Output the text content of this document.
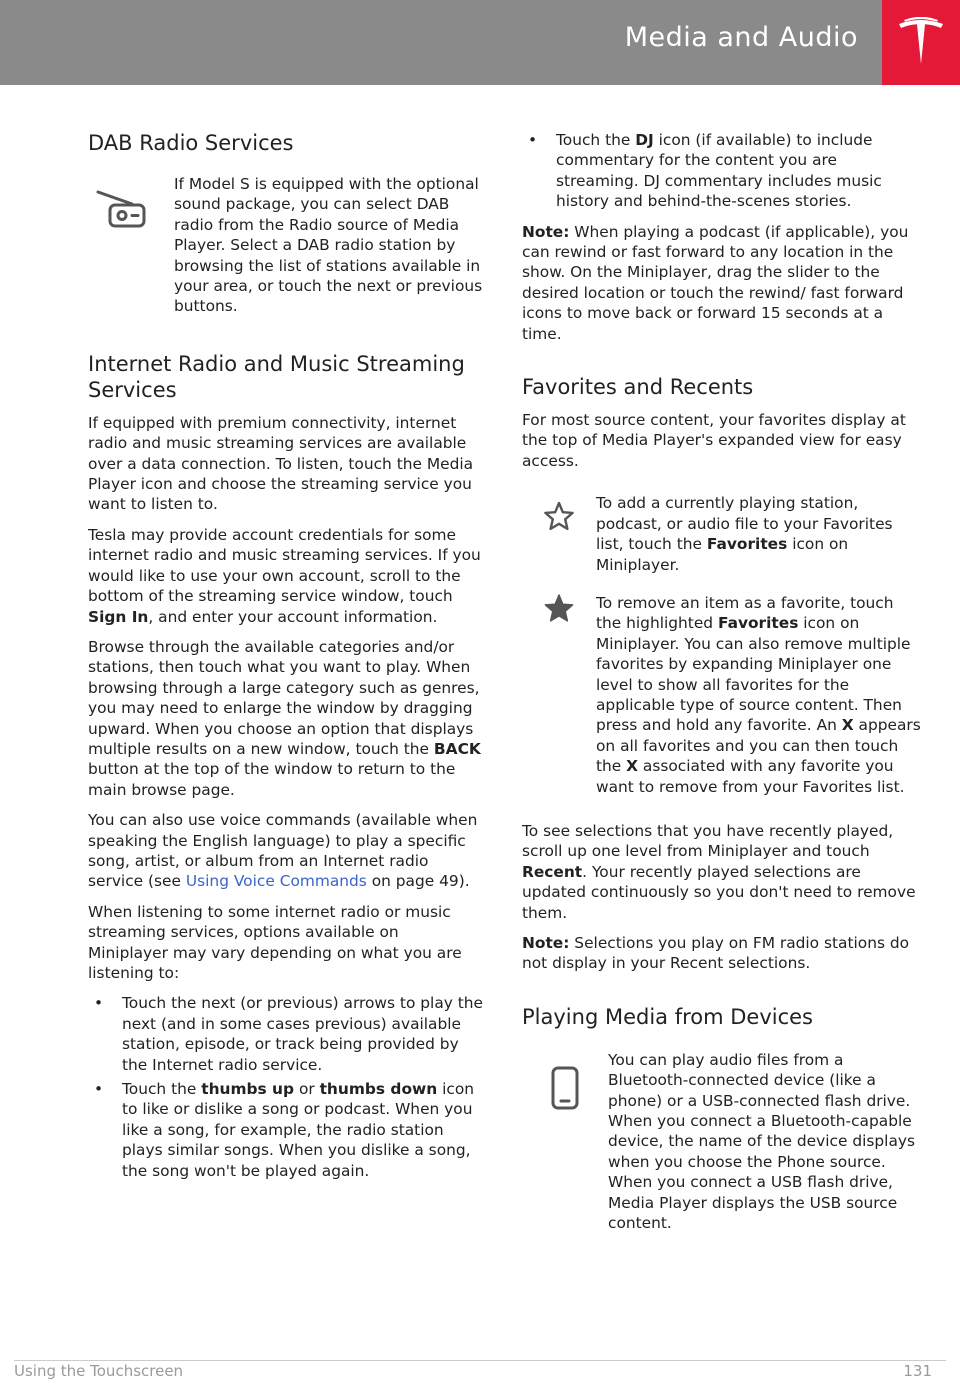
Media and Audio
DAB Radio Services
If Model S is equipped with the optional sound package, you can select DAB radio from the Radio source of Media Player. Select a DAB radio station by browsing the list of stations available in your area, or touch the next or previous buttons.
Internet Radio and Music Streaming Services

If equipped with premium connectivity, internet radio and music streaming services are available over a data connection. To listen, touch the Media Player icon and choose the streaming service you want to listen to.

Tesla may provide account credentials for some internet radio and music streaming services. If you would like to use your own account, scroll to the bottom of the streaming service window, touch Sign In, and enter your account information.

Browse through the available categories and/or stations, then touch what you want to play. When browsing through a large category such as genres, you may need to enlarge the window by dragging upward. When you choose an option that displays multiple results on a new window, touch the BACK button at the top of the window to return to the main browse page.

You can also use voice commands (available when speaking the English language) to play a specific song, artist, or album from an Internet radio service (see Using Voice Commands on page 49).

When listening to some internet radio or music streaming services, options available on Miniplayer may vary depending on what you are listening to:

• Touch the next (or previous) arrows to play the next (and in some cases previous) available station, episode, or track being provided by the Internet radio service.
• Touch the thumbs up or thumbs down icon to like or dislike a song or podcast. When you like a song, for example, the radio station plays similar songs. When you dislike a song, the song won't be played again.
• Touch the DJ icon (if available) to include commentary for the content you are streaming. DJ commentary includes music history and behind-the-scenes stories.

Note: When playing a podcast (if applicable), you can rewind or fast forward to any location in the show. On the Miniplayer, drag the slider to the desired location or touch the rewind/ fast forward icons to move back or forward 15 seconds at a time.

Favorites and Recents

For most source content, your favorites display at the top of Media Player's expanded view for easy access.

To add a currently playing station, podcast, or audio file to your Favorites list, touch the Favorites icon on Miniplayer.
To remove an item as a favorite, touch the highlighted Favorites icon on Miniplayer. You can also remove multiple favorites by expanding Miniplayer one level to show all favorites for the applicable type of source content. Then press and hold any favorite. An X appears on all favorites and you can then touch the X associated with any favorite you want to remove from your Favorites list.

To see selections that you have recently played, scroll up one level from Miniplayer and touch Recent. Your recently played selections are updated continuously so you don't need to remove them.

Note: Selections you play on FM radio stations do not display in your Recent selections.

Playing Media from Devices
You can play audio files from a Bluetooth-connected device (like a phone) or a USB-connected flash drive. When you connect a Bluetooth-capable device, the name of the device displays when you choose the Phone source. When you connect a USB flash drive, Media Player displays the USB source content.
Using the Touchscreen	131
